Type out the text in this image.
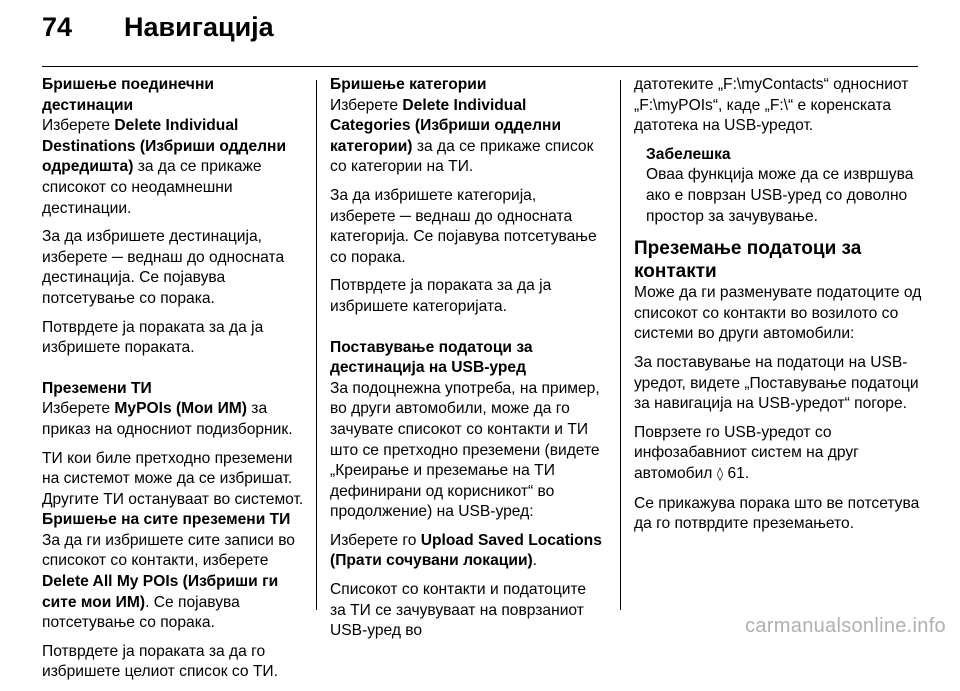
74	Навигација
Бришење поединечни дестинации

Изберете Delete Individual Destinations (Избриши одделни одредишта) за да се прикаже списокот со неодамнешни дестинации.

За да избришете дестинација, изберете ─ веднаш до односната дестинација. Се појавува потсетување со порака.

Потврдете ја пораката за да ја избришете пораката.

Преземени ТИ

Изберете MyPOIs (Мои ИМ) за приказ на односниот подизборник.

ТИ кои биле претходно преземени на системот може да се избришат. Другите ТИ остануваат во системот.

Бришење на сите преземени ТИ

За да ги избришете сите записи во списокот со контакти, изберете Delete All My POIs (Избриши ги сите мои ИМ). Се појавува потсетување со порака.

Потврдете ја пораката за да го избришете целиот список со ТИ.

Бришење категории

Изберете Delete Individual Categories (Избриши одделни категории) за да се прикаже список со категории на ТИ.

За да избришете категорија, изберете ─ веднаш до односната категорија. Се појавува потсетување со порака.

Потврдете ја пораката за да ја избришете категоријата.

Поставување податоци за дестинација на USB-уред

За подоцнежна употреба, на пример, во други автомобили, може да го зачувате списокот со контакти и ТИ што се претходно преземени (видете „Креирање и преземање на ТИ дефинирани од корисникот“ во продолжение) на USB-уред:

Изберете го Upload Saved Locations (Прати сочувани локации).

Списокот со контакти и податоците за ТИ се зачувуваат на поврзаниот USB-уред во

датотеките „F:\myContacts“ односниот „F:\myPOIs“, каде „F:\“ е коренската датотека на USB-уредот.

Забелешка
Оваа функција може да се извршува ако е поврзан USB-уред со доволно простор за зачувување.
Преземање податоци за контакти

Може да ги разменувате податоците од списокот со контакти во возилото со системи во други автомобили:

За поставување на податоци на USB-уредот, видете „Поставување податоци за навигација на USB-уредот“ погоре.

Поврзете го USB-уредот со инфозабавниот систем на друг автомобил ◊ 61.

Се прикажува порака што ве потсетува да го потврдите преземањето.

carmanualsonline.info
